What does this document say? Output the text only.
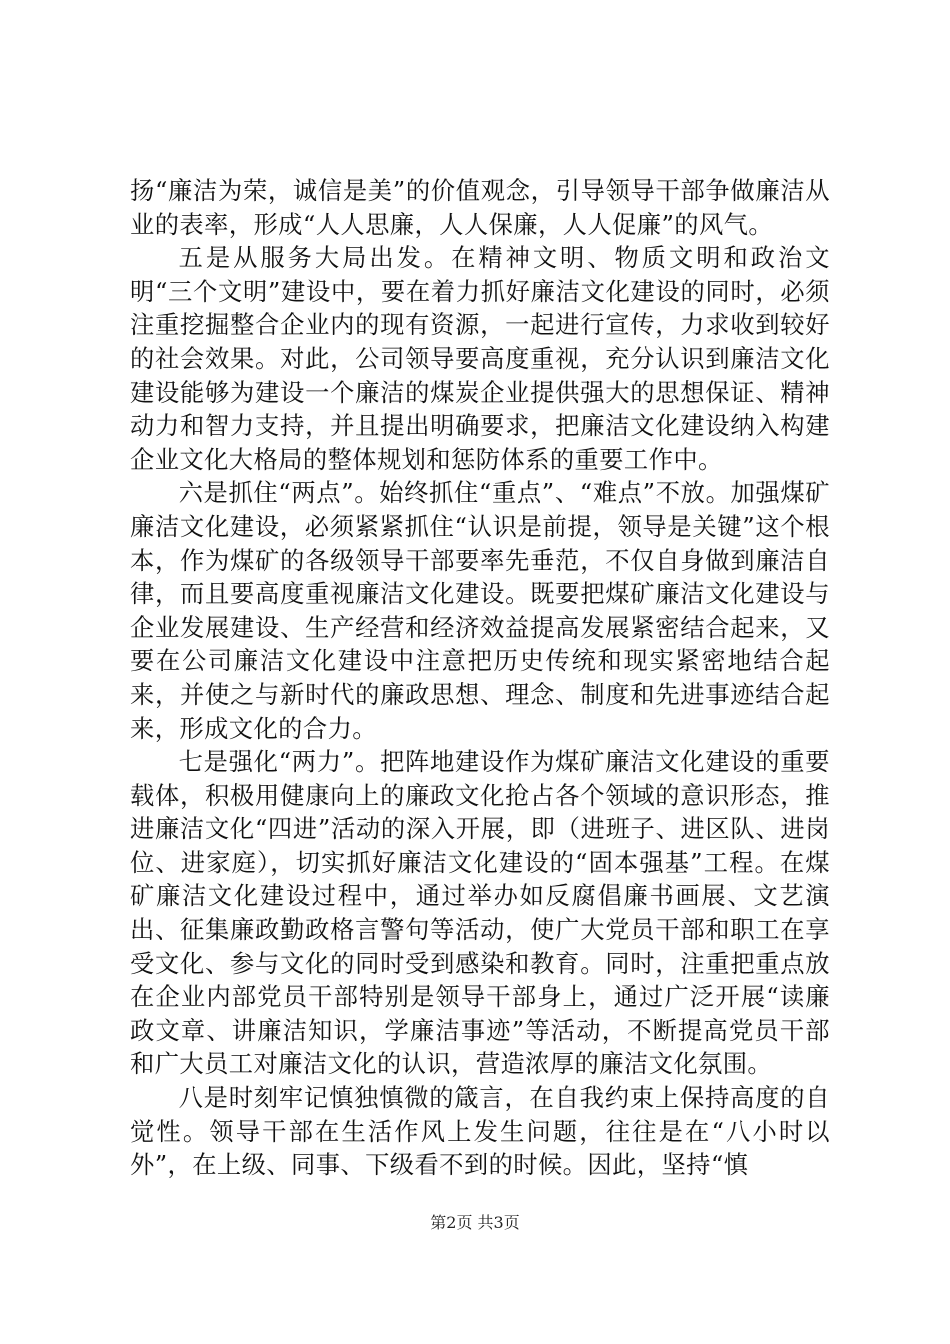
扬“廉洁为荣，诚信是美”的价值观念，引导领导干部争做廉洁从业的表率，形成“人人思廉，人人保廉，人人促廉”的风气。

五是从服务大局出发。在精神文明、物质文明和政治文明“三个文明”建设中，要在着力抓好廉洁文化建设的同时，必须注重挖掘整合企业内的现有资源，一起进行宣传，力求收到较好的社会效果。对此，公司领导要高度重视，充分认识到廉洁文化建设能够为建设一个廉洁的煤炭企业提供强大的思想保证、精神动力和智力支持，并且提出明确要求，把廉洁文化建设纳入构建企业文化大格局的整体规划和惩防体系的重要工作中。

六是抓住“两点”。始终抓住“重点”、“难点”不放。加强煤矿廉洁文化建设，必须紧紧抓住“认识是前提，领导是关键”这个根本，作为煤矿的各级领导干部要率先垂范，不仅自身做到廉洁自律，而且要高度重视廉洁文化建设。既要把煤矿廉洁文化建设与企业发展建设、生产经营和经济效益提高发展紧密结合起来，又要在公司廉洁文化建设中注意把历史传统和现实紧密地结合起来，并使之与新时代的廉政思想、理念、制度和先进事迹结合起来，形成文化的合力。

七是强化“两力”。把阵地建设作为煤矿廉洁文化建设的重要载体，积极用健康向上的廉政文化抢占各个领域的意识形态，推进廉洁文化“四进”活动的深入开展，即（进班子、进区队、进岗位、进家庭），切实抓好廉洁文化建设的“固本强基”工程。在煤矿廉洁文化建设过程中，通过举办如反腐倡廉书画展、文艺演出、征集廉政勤政格言警句等活动，使广大党员干部和职工在享受文化、参与文化的同时受到感染和教育。同时，注重把重点放在企业内部党员干部特别是领导干部身上，通过广泛开展“读廉政文章、讲廉洁知识，学廉洁事迹”等活动，不断提高党员干部和广大员工对廉洁文化的认识，营造浓厚的廉洁文化氛围。

八是时刻牢记慎独慎微的箴言，在自我约束上保持高度的自觉性。领导干部在生活作风上发生问题，往往是在“八小时以外”，在上级、同事、下级看不到的时候。因此，坚持“慎

第2页 共3页
